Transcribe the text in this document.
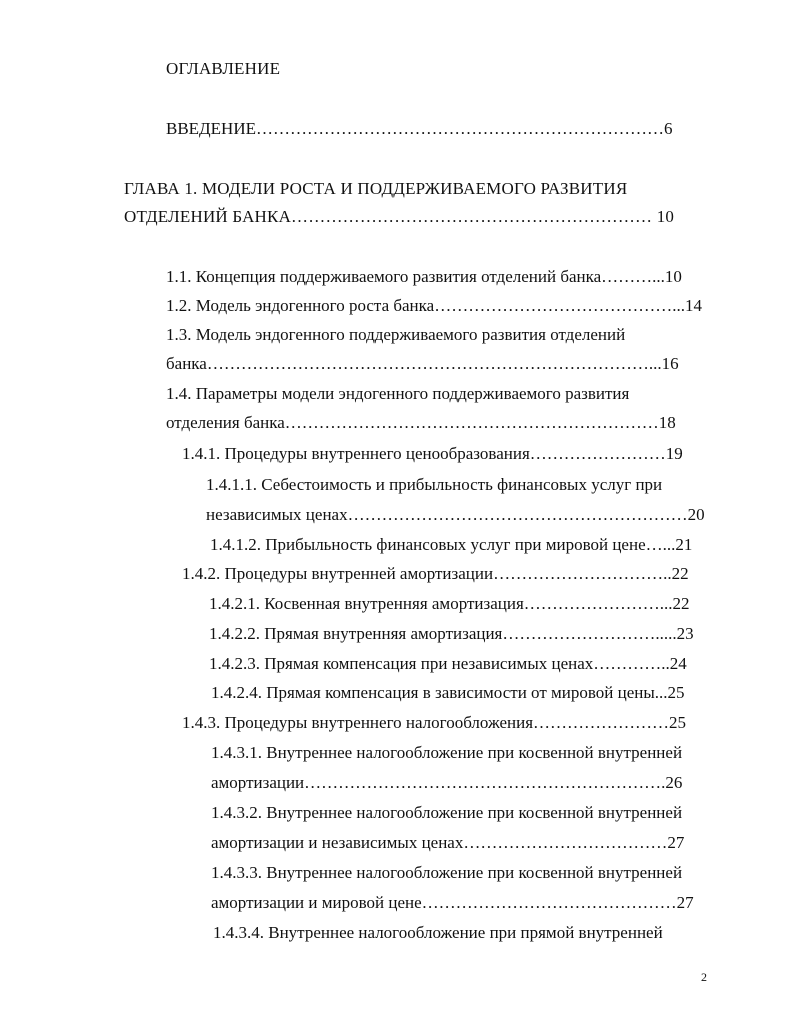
ОГЛАВЛЕНИЕ
ВВЕДЕНИЕ………………………………………………………………6
ГЛАВА 1. МОДЕЛИ РОСТА И ПОДДЕРЖИВАЕМОГО РАЗВИТИЯ
ОТДЕЛЕНИЙ БАНКА……………………………………………………… 10
1.1. Концепция поддерживаемого развития отделений банка………...10
1.2. Модель эндогенного роста банка……………………………………...14
1.3. Модель эндогенного поддерживаемого развития отделений
банка……………………………………………………………………...16
1.4. Параметры модели эндогенного поддерживаемого развития
отделения банка…………………………………………………………18
1.4.1. Процедуры внутреннего ценообразования……………………19
1.4.1.1. Себестоимость и прибыльность финансовых услуг при
независимых ценах……………………………………………………20
1.4.1.2. Прибыльность финансовых услуг при мировой цене…...21
1.4.2. Процедуры внутренней амортизации…………………………..22
1.4.2.1. Косвенная внутренняя амортизация……………………...22
1.4.2.2. Прямая внутренняя амортизация……………………….....23
1.4.2.3. Прямая компенсация при независимых ценах…………..24
1.4.2.4. Прямая компенсация в зависимости от мировой цены...25
1.4.3. Процедуры внутреннего налогообложения……………………25
1.4.3.1. Внутреннее налогообложение при косвенной внутренней
амортизации……………………………………………………….26
1.4.3.2. Внутреннее налогообложение при косвенной внутренней
амортизации и независимых ценах………………………………27
1.4.3.3. Внутреннее налогообложение при косвенной внутренней
амортизации и мировой цене………………………………………27
1.4.3.4. Внутреннее налогообложение при прямой внутренней
2
